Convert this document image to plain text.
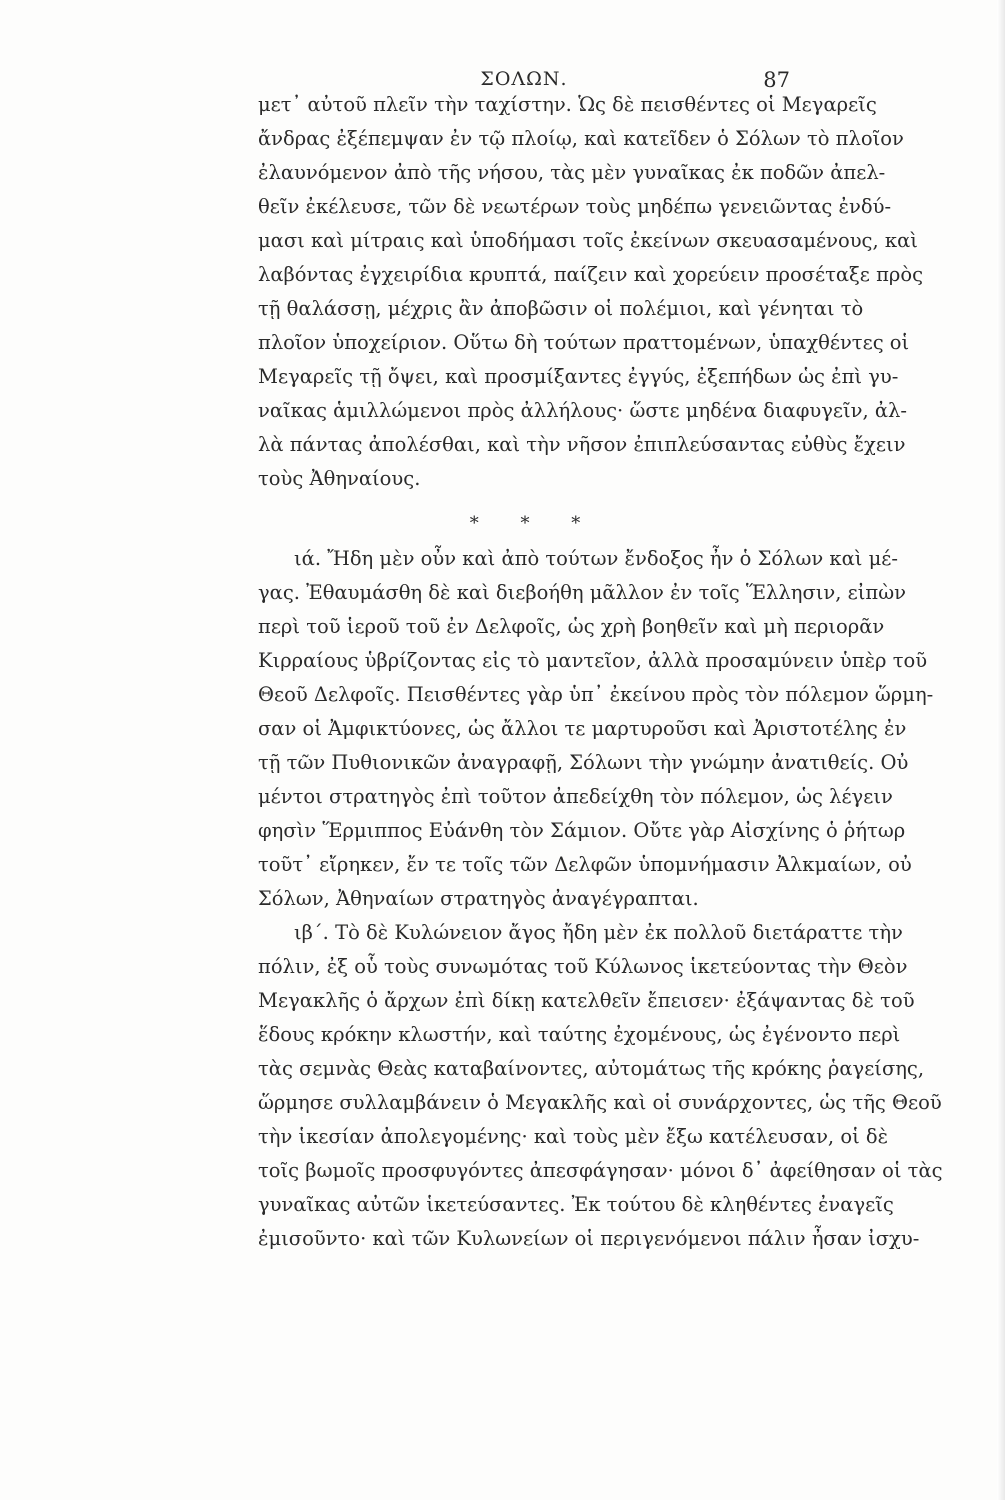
ΣΟΛΩΝ.	87
μετ᾽ αὐτοῦ πλεῖν τὴν ταχίστην. Ὡς δὲ πεισθέντες οἱ Μεγαρεῖς
ἄνδρας ἐξέπεμψαν ἐν τῷ πλοίῳ, καὶ κατεῖδεν ὁ Σόλων τὸ πλοῖον
ἐλαυνόμενον ἀπὸ τῆς νήσου, τὰς μὲν γυναῖκας ἐκ ποδῶν ἀπελ-
θεῖν ἐκέλευσε, τῶν δὲ νεωτέρων τοὺς μηδέπω γενειῶντας ἐνδύ-
μασι καὶ μίτραις καὶ ὑποδήμασι τοῖς ἐκείνων σκευασαμένους, καὶ
λαβόντας ἐγχειρίδια κρυπτά, παίζειν καὶ χορεύειν προσέταξε πρὸς
τῇ θαλάσσῃ, μέχρις ἂν ἀποβῶσιν οἱ πολέμιοι, καὶ γένηται τὸ
πλοῖον ὑποχείριον. Οὕτω δὴ τούτων πραττομένων, ὑπαχθέντες οἱ
Μεγαρεῖς τῇ ὄψει, καὶ προσμίξαντες ἐγγύς, ἐξεπήδων ὡς ἐπὶ γυ-
ναῖκας ἁμιλλώμενοι πρὸς ἀλλήλους· ὥστε μηδένα διαφυγεῖν, ἀλ-
λὰ πάντας ἀπολέσθαι, καὶ τὴν νῆσον ἐπιπλεύσαντας εὐθὺς ἔχειν
τοὺς Ἀθηναίους.
* * *
ιά. Ἤδη μὲν οὖν καὶ ἀπὸ τούτων ἔνδοξος ἦν ὁ Σόλων καὶ μέ-
γας. Ἐθαυμάσθη δὲ καὶ διεβοήθη μᾶλλον ἐν τοῖς Ἕλλησιν, εἰπὼν
περὶ τοῦ ἱεροῦ τοῦ ἐν Δελφοῖς, ὡς χρὴ βοηθεῖν καὶ μὴ περιορᾶν
Κιρραίους ὑβρίζοντας εἰς τὸ μαντεῖον, ἀλλὰ προσαμύνειν ὑπὲρ τοῦ
Θεοῦ Δελφοῖς. Πεισθέντες γὰρ ὑπ᾽ ἐκείνου πρὸς τὸν πόλεμον ὥρμη-
σαν οἱ Ἀμφικτύονες, ὡς ἄλλοι τε μαρτυροῦσι καὶ Ἀριστοτέλης ἐν
τῇ τῶν Πυθιονικῶν ἀναγραφῇ, Σόλωνι τὴν γνώμην ἀνατιθείς. Οὐ
μέντοι στρατηγὸς ἐπὶ τοῦτον ἀπεδείχθη τὸν πόλεμον, ὡς λέγειν
φησὶν Ἕρμιππος Εὐάνθη τὸν Σάμιον. Οὔτε γὰρ Αἰσχίνης ὁ ῥήτωρ
τοῦτ᾽ εἴρηκεν, ἔν τε τοῖς τῶν Δελφῶν ὑπομνήμασιν Ἀλκμαίων, οὐ
Σόλων, Ἀθηναίων στρατηγὸς ἀναγέγραπται.
ιβ΄. Τὸ δὲ Κυλώνειον ἄγος ἤδη μὲν ἐκ πολλοῦ διετάραττε τὴν
πόλιν, ἐξ οὗ τοὺς συνωμότας τοῦ Κύλωνος ἱκετεύοντας τὴν Θεὸν
Μεγακλῆς ὁ ἄρχων ἐπὶ δίκῃ κατελθεῖν ἔπεισεν· ἐξάψαντας δὲ τοῦ
ἕδους κρόκην κλωστήν, καὶ ταύτης ἐχομένους, ὡς ἐγένοντο περὶ
τὰς σεμνὰς Θεὰς καταβαίνοντες, αὐτομάτως τῆς κρόκης ῥαγείσης,
ὥρμησε συλλαμβάνειν ὁ Μεγακλῆς καὶ οἱ συνάρχοντες, ὡς τῆς Θεοῦ
τὴν ἱκεσίαν ἀπολεγομένης· καὶ τοὺς μὲν ἔξω κατέλευσαν, οἱ δὲ
τοῖς βωμοῖς προσφυγόντες ἀπεσφάγησαν· μόνοι δ᾽ ἀφείθησαν οἱ τὰς
γυναῖκας αὐτῶν ἱκετεύσαντες. Ἐκ τούτου δὲ κληθέντες ἐναγεῖς
ἐμισοῦντο· καὶ τῶν Κυλωνείων οἱ περιγενόμενοι πάλιν ἦσαν ἰσχυ-
